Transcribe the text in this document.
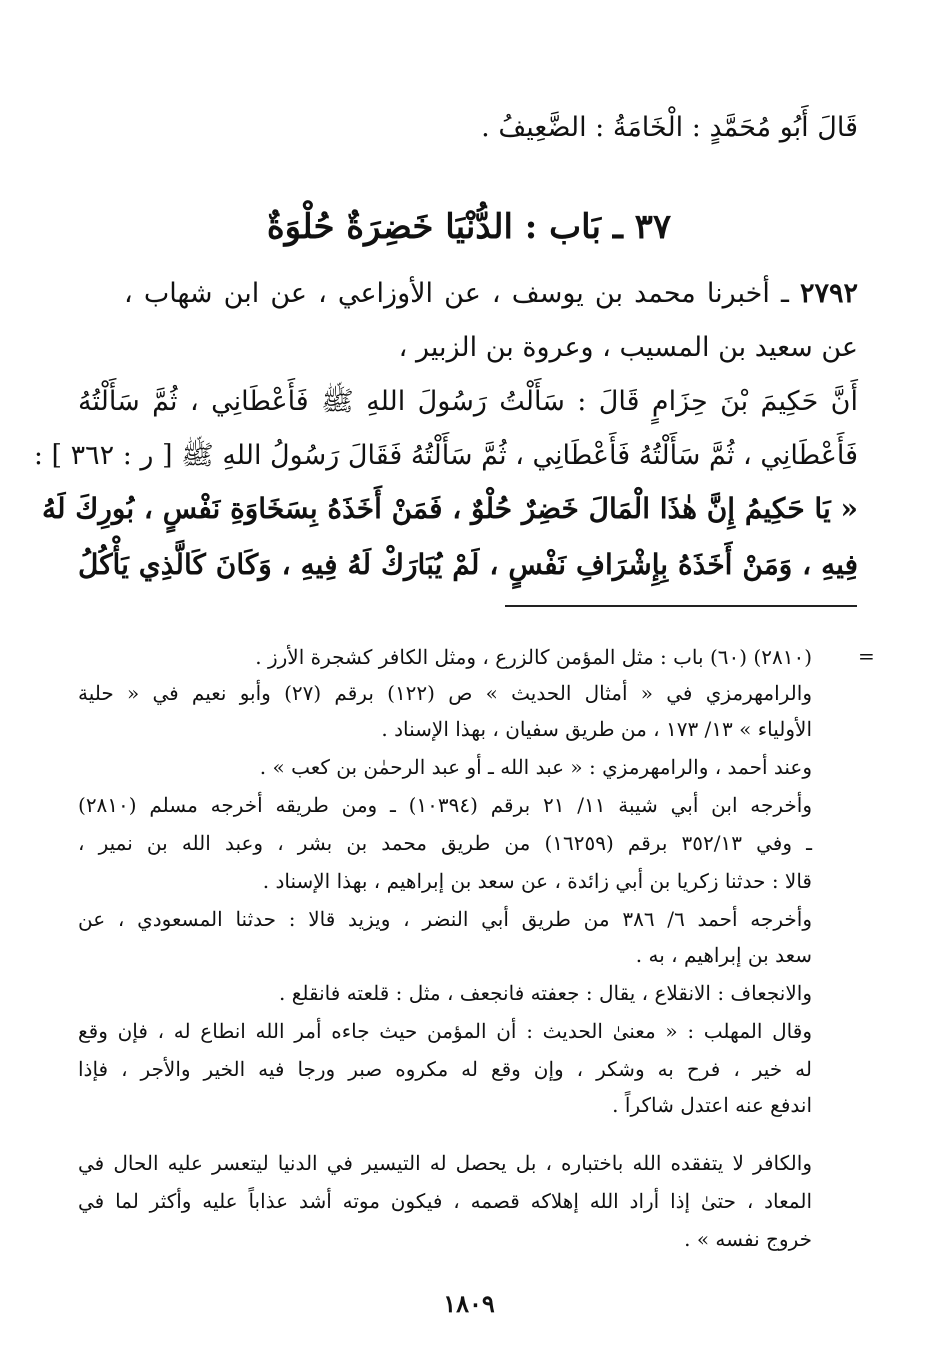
قَالَ أَبُو مُحَمَّدٍ : الْخَامَةُ : الضَّعِيفُ .
٣٧ ـ بَاب : الدُّنْيَا خَضِرَةٌ حُلْوَةٌ
٢٧٩٢ ـ أخبرنا محمد بن يوسف ، عن الأوزاعي ، عن ابن شهاب ،
عن سعيد بن المسيب ، وعروة بن الزبير ،
أَنَّ حَكِيمَ بْنَ حِزَامٍ قَالَ : سَأَلْتُ رَسُولَ اللهِ ﷺ فَأَعْطَانِي ، ثُمَّ سَأَلْتُهُ
فَأَعْطَانِي ، ثُمَّ سَأَلْتُهُ فَأَعْطَانِي ، ثُمَّ سَأَلْتُهُ فَقَالَ رَسُولُ اللهِ ﷺ [ ر : ٣٦٢ ] :
« يَا حَكِيمُ إِنَّ هٰذَا الْمَالَ خَضِرٌ حُلْوٌ ، فَمَنْ أَخَذَهُ بِسَخَاوَةِ نَفْسٍ ، بُورِكَ لَهُ
فِيهِ ، وَمَنْ أَخَذَهُ بِإِشْرَافِ نَفْسٍ ، لَمْ يُبَارَكْ لَهُ فِيهِ ، وَكَانَ كَالَّذِي يَأْكُلُ
=
(٢٨١٠) (٦٠) باب : مثل المؤمن كالزرع ، ومثل الكافر كشجرة الأرز .
والرامهرمزي في « أمثال الحديث » ص (١٢٢) برقم (٢٧) وأبو نعيم في « حلية
الأولياء » ١٣/ ١٧٣ ، من طريق سفيان ، بهذا الإسناد .
وعند أحمد ، والرامهرمزي : « عبد الله ـ أو عبد الرحمٰن بن كعب » .
وأخرجه ابن أبي شيبة ١١/ ٢١ برقم (١٠٣٩٤) ـ ومن طريقه أخرجه مسلم (٢٨١٠)
ـ وفي ٣٥٢/١٣ برقم (١٦٢٥٩) من طريق محمد بن بشر ، وعبد الله بن نمير ،
قالا : حدثنا زكريا بن أبي زائدة ، عن سعد بن إبراهيم ، بهذا الإسناد .
وأخرجه أحمد ٦/ ٣٨٦ من طريق أبي النضر ، ويزيد قالا : حدثنا المسعودي ، عن
سعد بن إبراهيم ، به .
والانجعاف : الانقلاع ، يقال : جعفته فانجعف ، مثل : قلعته فانقلع .
وقال المهلب : « معنىٰ الحديث : أن المؤمن حيث جاءه أمر الله انطاع له ، فإن وقع
له خير ، فرح به وشكر ، وإن وقع له مكروه صبر ورجا فيه الخير والأجر ، فإذا
اندفع عنه اعتدل شاكراً .
والكافر لا يتفقده الله باختباره ، بل يحصل له التيسير في الدنيا ليتعسر عليه الحال في
المعاد ، حتىٰ إذا أراد الله إهلاكه قصمه ، فيكون موته أشد عذاباً عليه وأكثر لما في
خروج نفسه » .
١٨٠٩
